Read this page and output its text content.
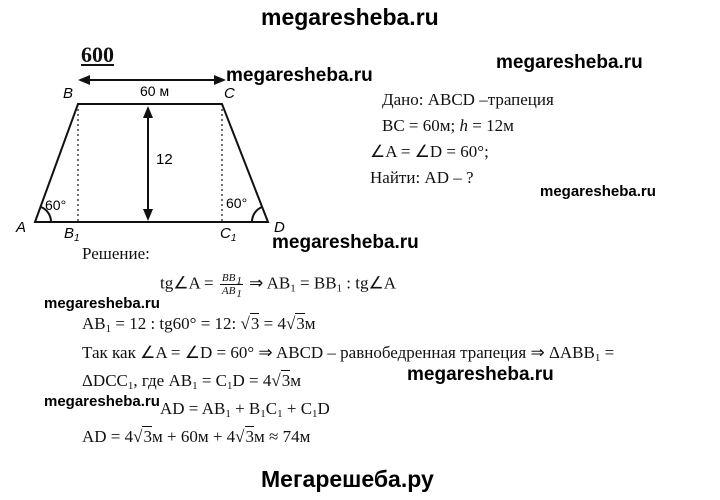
megaresheba.ru
megaresheba.ru
megaresheba.ru
megaresheba.ru
megaresheba.ru
megaresheba.ru
megaresheba.ru
megaresheba.ru
Мегарешеба.ру
600
B	C
A	D
$B_1$	$C_1$
60 м
12
60°	60°
Дано: ABCD –трапеция
BC = 60м; h = 12м
∠A = ∠D = 60°;
Найти: AD – ?
Решение:
tg∠A = $\frac{BB_1}{AB_1}$ ⇒ $AB_1 = BB_1$ : tg∠A
$AB_1 = 12$ : tg60° = 12: √3 = 4√3м
Так как ∠A = ∠D = 60° ⇒ ABCD – равнобедренная трапеция ⇒ $\Delta ABB_1$ =
$\Delta DCC_1$, где $AB_1 = C_1D = 4√3м$
AD = $AB_1 + B_1C_1 + C_1D$
AD = 4√3м + 60м + 4√3м ≈ 74м
